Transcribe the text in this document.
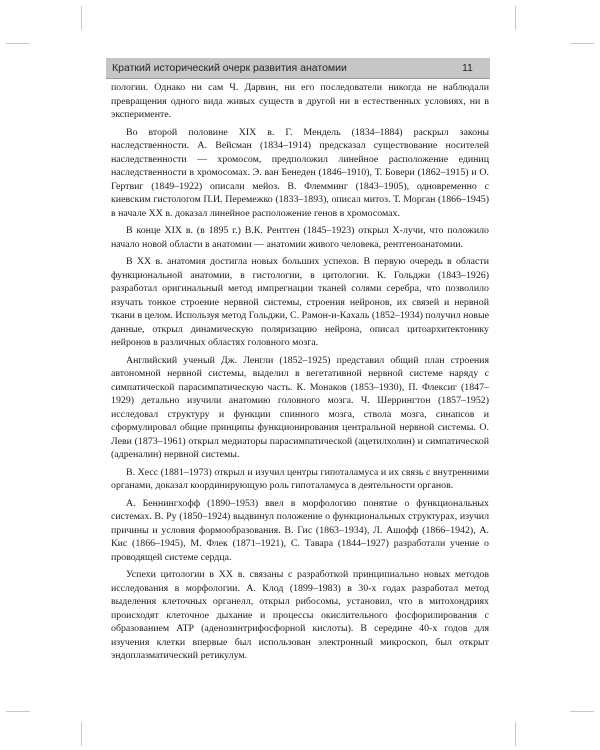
Краткий исторический очерк развития анатомии	11

пологии. Однако ни сам Ч. Дарвин, ни его последователи никогда не наблюдали превращения одного вида живых существ в другой ни в естественных условиях, ни в эксперименте.

Во второй половине XIX в. Г. Мендель (1834–1884) раскрыл законы наследственности. А. Вейсман (1834–1914) предсказал существование носителей наследственности — хромосом, предположил линейное расположение единиц наследственности в хромосомах. Э. ван Бенеден (1846–1910), Т. Бовери (1862–1915) и О. Гертвиг (1849–1922) описали мейоз. В. Флемминг (1843–1905), одновременно с киевским гистологом П.И. Перемежко (1833–1893), описал митоз. Т. Морган (1866–1945) в начале XX в. доказал линейное расположение генов в хромосомах.

В конце XIX в. (в 1895 г.) В.К. Рентген (1845–1923) открыл Х-лучи, что положило начало новой области в анатомии — анатомии живого человека, рентгеноанатомии.

В XX в. анатомия достигла новых больших успехов. В первую очередь в области функциональной анатомии, в гистологии, в цитологии. К. Гольджи (1843–1926) разработал оригинальный метод импрегнации тканей солями серебра, что позволило изучать тонкое строение нервной системы, строения нейронов, их связей и нервной ткани в целом. Используя метод Гольджи, С. Рамон-и-Кахаль (1852–1934) получил новые данные, открыл динамическую поляризацию нейрона, описал цитоархитектонику нейронов в различных областях головного мозга.

Английский ученый Дж. Ленгли (1852–1925) представил общий план строения автономной нервной системы, выделил в вегетативной нервной системе наряду с симпатической парасимпатическую часть. К. Монаков (1853–1930), П. Флексиг (1847–1929) детально изучили анатомию головного мозга. Ч. Шеррингтон (1857–1952) исследовал структуру и функции спинного мозга, ствола мозга, синапсов и сформулировал общие принципы функционирования центральной нервной системы. О. Леви (1873–1961) открыл медиаторы парасимпатической (ацетилхолин) и симпатической (адреналин) нервной системы.

В. Хесс (1881–1973) открыл и изучил центры гипоталамуса и их связь с внутренними органами, доказал координирующую роль гипоталамуса в деятельности органов.

А. Беннингхофф (1890–1953) ввел в морфологию понятие о функциональных системах. В. Ру (1850–1924) выдвинул положение о функциональных структурах, изучил причины и условия формообразования. В. Гис (1863–1934), Л. Ашофф (1866–1942), А. Кис (1866–1945), М. Флек (1871–1921), С. Тавара (1844–1927) разработали учение о проводящей системе сердца.

Успехи цитологии в XX в. связаны с разработкой принципиально новых методов исследования в морфологии. А. Клод (1899–1983) в 30-х годах разработал метод выделения клеточных органелл, открыл рибосомы, установил, что в митохондриях происходят клеточное дыхание и процессы окислительного фосфорилирования с образованием АТР (аденозинтрифосфорной кислоты). В середине 40-х годов для изучения клетки впервые был использован электронный микроскоп, был открыт эндоплазматический ретикулум.
